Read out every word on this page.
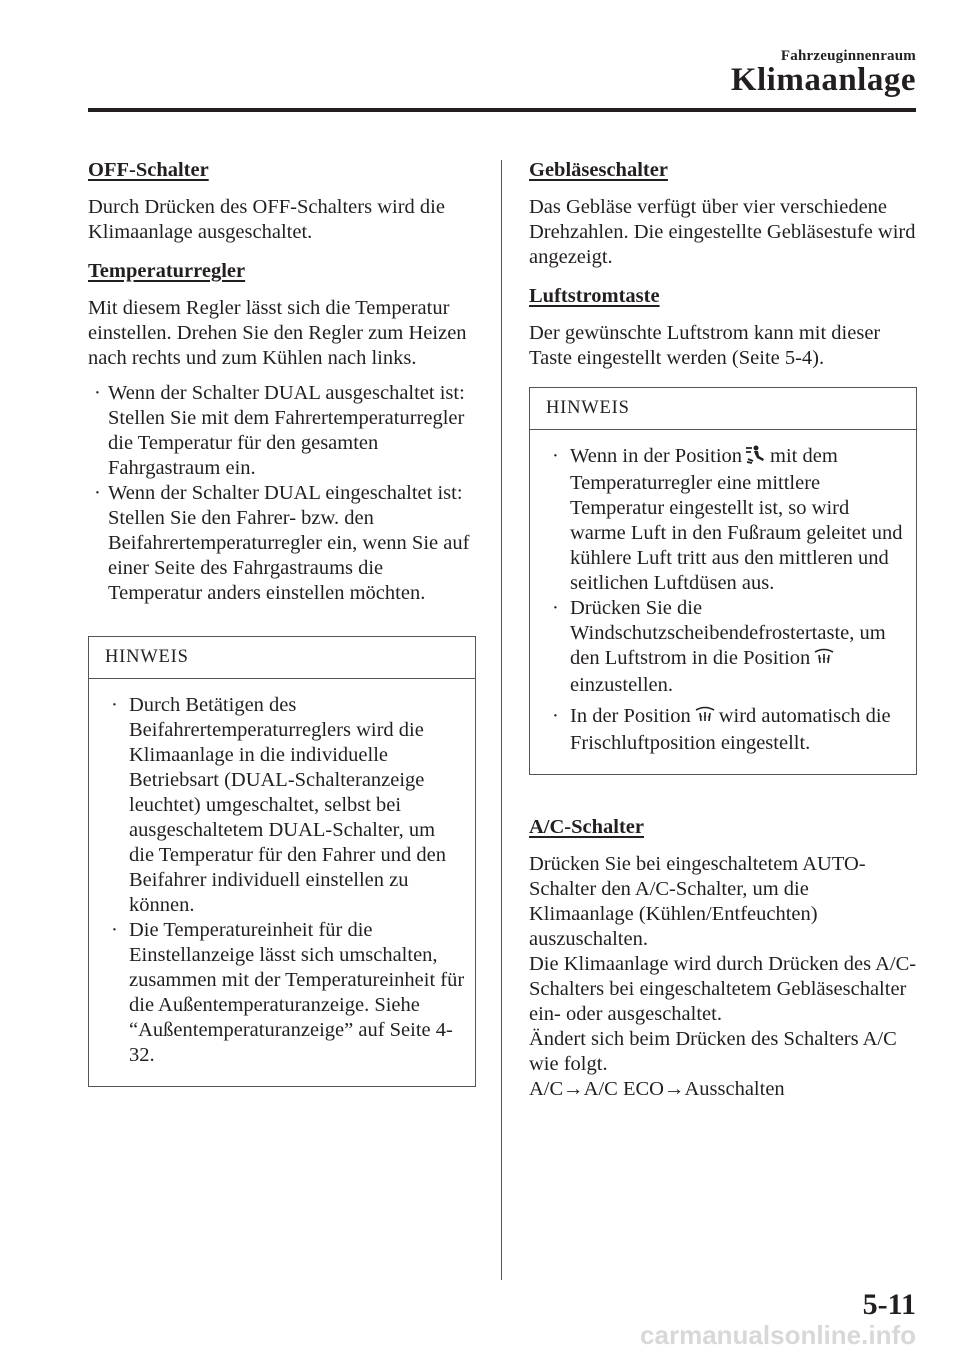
Fahrzeuginnenraum
Klimaanlage

OFF-Schalter

Durch Drücken des OFF-Schalters wird die Klimaanlage ausgeschaltet.

Temperaturregler

Mit diesem Regler lässt sich die Temperatur einstellen. Drehen Sie den Regler zum Heizen nach rechts und zum Kühlen nach links.

· Wenn der Schalter DUAL ausgeschaltet ist:
Stellen Sie mit dem Fahrertemperaturregler die Temperatur für den gesamten Fahrgastraum ein.
· Wenn der Schalter DUAL eingeschaltet ist:
Stellen Sie den Fahrer- bzw. den Beifahrertemperaturregler ein, wenn Sie auf einer Seite des Fahrgastraums die Temperatur anders einstellen möchten.
HINWEIS
· Durch Betätigen des Beifahrertemperaturreglers wird die Klimaanlage in die individuelle Betriebsart (DUAL-Schalteranzeige leuchtet) umgeschaltet, selbst bei ausgeschaltetem DUAL-Schalter, um die Temperatur für den Fahrer und den Beifahrer individuell einstellen zu können.
· Die Temperatureinheit für die Einstellanzeige lässt sich umschalten, zusammen mit der Temperatureinheit für die Außentemperaturanzeige. Siehe “Außentemperaturanzeige” auf Seite 4-32.

Gebläseschalter

Das Gebläse verfügt über vier verschiedene Drehzahlen. Die eingestellte Gebläsestufe wird angezeigt.

Luftstromtaste

Der gewünschte Luftstrom kann mit dieser Taste eingestellt werden (Seite 5-4).

HINWEIS
· Wenn in der Position mit dem Temperaturregler eine mittlere Temperatur eingestellt ist, so wird warme Luft in den Fußraum geleitet und kühlere Luft tritt aus den mittleren und seitlichen Luftdüsen aus.
· Drücken Sie die Windschutzscheibendefrostertaste, um den Luftstrom in die Position
einzustellen.
· In der Position wird automatisch die Frischluftposition eingestellt.

A/C-Schalter

Drücken Sie bei eingeschaltetem AUTO-Schalter den A/C-Schalter, um die Klimaanlage (Kühlen/Entfeuchten) auszuschalten.

Die Klimaanlage wird durch Drücken des A/C-Schalters bei eingeschaltetem Gebläseschalter ein- oder ausgeschaltet.

Ändert sich beim Drücken des Schalters A/C wie folgt.

A/C→A/C ECO→Ausschalten

5-11
carmanualsonline.info
